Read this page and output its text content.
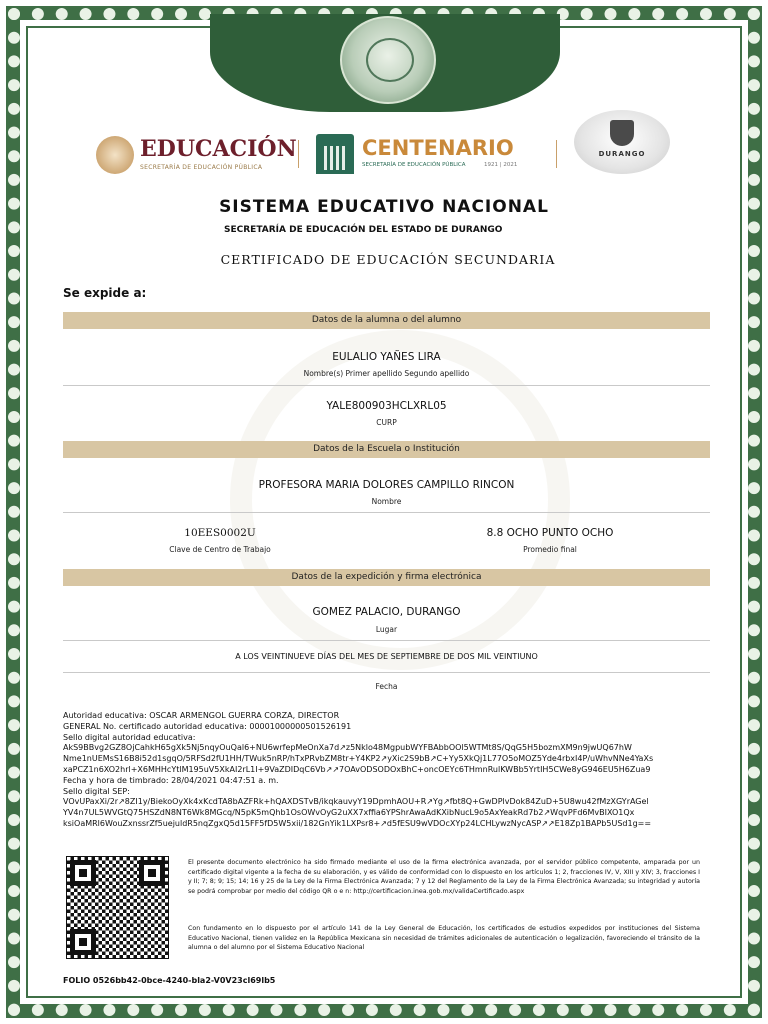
EDUCACIÓN
SECRETARÍA DE EDUCACIÓN PÚBLICA
CENTENARIO
SECRETARÍA DE EDUCACIÓN PÚBLICA	1921 | 2021
DURANGO
SISTEMA EDUCATIVO NACIONAL
SECRETARÍA DE EDUCACIÓN DEL ESTADO DE DURANGO
CERTIFICADO DE EDUCACIÓN SECUNDARIA
Se expide a:
Datos de la alumna o del alumno
EULALIO YAÑES LIRA
Nombre(s) Primer apellido Segundo apellido
YALE800903HCLXRL05
CURP
Datos de la Escuela o Institución
PROFESORA MARIA DOLORES CAMPILLO RINCON
Nombre
10EES0002U
Clave de Centro de Trabajo
8.8 OCHO PUNTO OCHO
Promedio final
Datos de la expedición y firma electrónica
GOMEZ PALACIO, DURANGO
Lugar
A LOS VEINTINUEVE DÍAS DEL MES DE SEPTIEMBRE DE DOS MIL VEINTIUNO
Fecha
Autoridad educativa: OSCAR ARMENGOL GUERRA CORZA, DIRECTOR
GENERAL No. certificado autoridad educativa: 00001000000501526191
Sello digital autoridad educativa:
AkS9BBvg2GZ8OjCahkH65gXk5Nj5nqyOuQal6+NU6wrfepMeOnXa7d↗z5Nklo48MgpubWYFBAbbOOl5WTMt8S/QqG5H5bozmXM9n9jwUQ67hW
Nme1nUEMsS16B8i52d1sgqO/5RFSd2fU1HH/TWuk5nRP/hTxPRvbZM8tr+Y4KP2↗yXic2S9bB↗C+Yy5XkQj1L77O5oMOZ5Yde4rbxI4P/uWhvNNe4YaXs
xaPCZ1n6XO2hrl+X6MHHcYtlM195uV5XkAI2rL1I+9VaZDIDqC6Vb↗↗7OAvODSODOxBhC+oncOEYc6THmnRulKWBb5YrtIH5CWe8yG946EU5H6Zua9
Fecha y hora de timbrado: 28/04/2021 04:47:51 a. m.
Sello digital SEP:
VOvUPaxXi/2r↗8ZI1y/BiekoOyXk4xKcdTA8bAZFRk+hQAXDSTvB/ikqkauvyY19DpmhAOU+R↗Yg↗fbt8Q+GwDPlvDok84ZuD+5U8wu42fMzXGYrAGel
YV4n7UL5WVGtQ75HSZdN8NT6Wk8MGcq/N5pK5mQhb1OsOWvOyG2uXX7xffia6YPShrAwaAdKXibNucL9o5AxYeakRd7b2↗WqvPFd6MvBIXO1Qx
ksiOaMRl6WouZxnssrZf5uejuldR5nqZgxQ5d15FF5fD5W5xii/182GnYik1LXPsr8+↗d5fESU9wVDOcXYp24LCHLywzNycASP↗↗E18Zp1BAPb5USd1g==
El presente documento electrónico ha sido firmado mediante el uso de la firma electrónica avanzada, por el servidor público competente, amparada por un certificado digital vigente a la fecha de su elaboración, y es válido de conformidad con lo dispuesto en los artículos 1; 2, fracciones IV, V, XIII y XIV; 3, fracciones I y II; 7; 8; 9; 15; 14; 16 y 25 de la Ley de la Firma Electrónica Avanzada; 7 y 12 del Reglamento de la Ley de la Firma Electrónica Avanzada; su integridad y autoría se podrá comprobar por medio del código QR o e n: http://certificacion.inea.gob.mx/validaCertificado.aspx
Con fundamento en lo dispuesto por el artículo 141 de la Ley General de Educación, los certificados de estudios expedidos por instituciones del Sistema Educativo Nacional, tienen validez en la República Mexicana sin necesidad de trámites adicionales de autenticación o legalización, favoreciendo el tránsito de la alumna o del alumno por el Sistema Educativo Nacional
FOLIO 0526bb42-0bce-4240-bla2-V0V23cl69lb5
